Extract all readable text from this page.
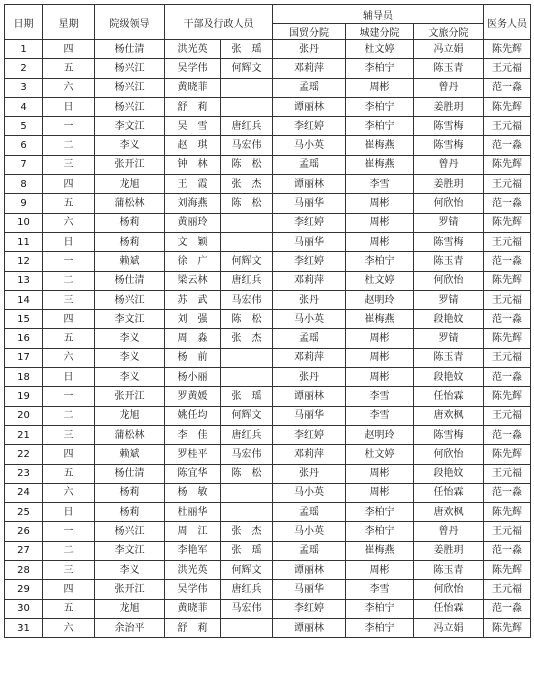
日期	星期	院级领导	干部及行政人员		辅导员			医务人员
					国贸分院	城建分院	文旅分院	
1	四	杨仕清	洪光英	张　瑶	张丹	杜文婷	冯立娟	陈先辉
2	五	杨兴江	吴学伟	何辉文	邓莉萍	李柏宁	陈玉青	王元福
3	六	杨兴江	黄晓菲		孟瑶	周彬	曾丹	范一淼
4	日	杨兴江	舒　莉		谭丽林	李柏宁	姜胜玥	陈先辉
5	一	李文江	吴　雪	唐红兵	李红婷	李柏宁	陈雪梅	王元福
6	二	李义	赵　琪	马宏伟	马小英	崔梅燕	陈雪梅	范一淼
7	三	张开江	钟　林	陈　松	孟瑶	崔梅燕	曾丹	陈先辉
8	四	龙旭	王　霞	张　杰	谭丽林	李雪	姜胜玥	王元福
9	五	蒲松林	刘海燕	陈　松	马丽华	周彬	何欣怡	范一淼
10	六	杨莉	黄丽玲		李红婷	周彬	罗锖	陈先辉
11	日	杨莉	文　颖		马丽华	周彬	陈雪梅	王元福
12	一	赖斌	徐　广	何辉文	李红婷	李柏宁	陈玉青	范一淼
13	二	杨仕清	梁云林	唐红兵	邓莉萍	杜文婷	何欣怡	陈先辉
14	三	杨兴江	苏　武	马宏伟	张丹	赵明玲	罗锖	王元福
15	四	李文江	刘　强	陈　松	马小英	崔梅燕	段艳妏	范一淼
16	五	李义	周　淼	张　杰	孟瑶	周彬	罗锖	陈先辉
17	六	李义	杨　前		邓莉萍	周彬	陈玉青	王元福
18	日	李义	杨小丽		张丹	周彬	段艳妏	范一淼
19	一	张开江	罗黄媛	张　瑶	谭丽林	李雪	任怡霖	陈先辉
20	二	龙旭	姚任均	何辉文	马丽华	李雪	唐欢枫	王元福
21	三	蒲松林	李　佳	唐红兵	李红婷	赵明玲	陈雪梅	范一淼
22	四	赖斌	罗桂平	马宏伟	邓莉萍	杜文婷	何欣怡	陈先辉
23	五	杨仕清	陈宜华	陈　松	张丹	周彬	段艳妏	王元福
24	六	杨莉	杨　敏		马小英	周彬	任怡霖	范一淼
25	日	杨莉	杜丽华		孟瑶	李柏宁	唐欢枫	陈先辉
26	一	杨兴江	周　江	张　杰	马小英	李柏宁	曾丹	王元福
27	二	李文江	李艳军	张　瑶	孟瑶	崔梅燕	姜胜玥	范一淼
28	三	李义	洪光英	何辉文	谭丽林	周彬	陈玉青	陈先辉
29	四	张开江	吴学伟	唐红兵	马丽华	李雪	何欣怡	王元福
30	五	龙旭	黄晓菲	马宏伟	李红婷	李柏宁	任怡霖	范一淼
31	六	余治平	舒　莉		谭丽林	李柏宁	冯立娟	陈先辉
